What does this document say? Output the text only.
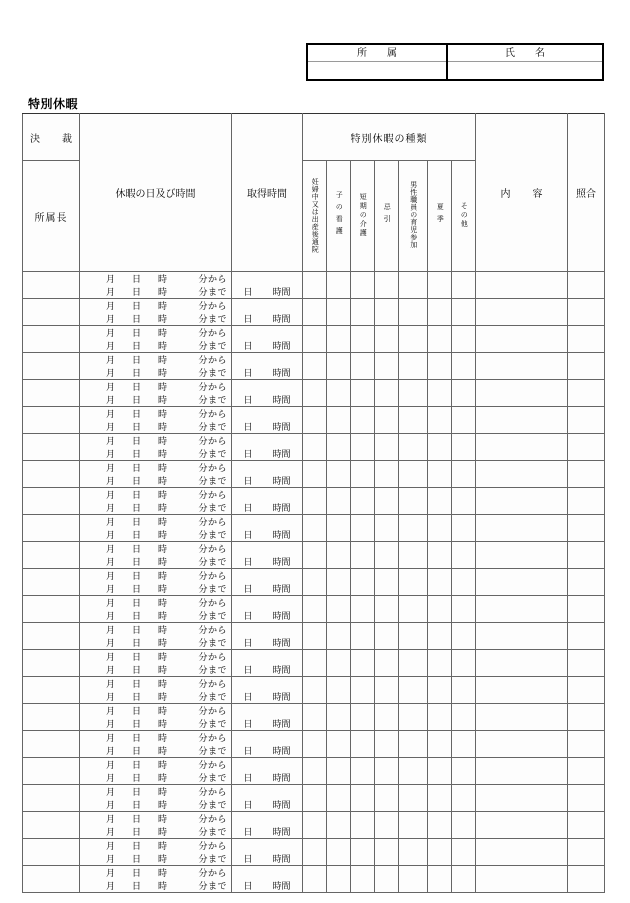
所　属	氏　名
特別休暇
決　裁	休暇の日及び時間	取得時間	特別休暇の種類							内　容	照合
所属長			妊婦中又は出産後通院	子の看護	短期の介護	忌引	男性職員の育児参加	夏季	その他		

月	日	時	分から
月	日	時	分まで	日 時間

月	日	時	分から
月	日	時	分まで	日 時間

月	日	時	分から
月	日	時	分まで	日 時間

月	日	時	分から
月	日	時	分まで	日 時間

月	日	時	分から
月	日	時	分まで	日 時間

月	日	時	分から
月	日	時	分まで	日 時間

月	日	時	分から
月	日	時	分まで	日 時間

月	日	時	分から
月	日	時	分まで	日 時間

月	日	時	分から
月	日	時	分まで	日 時間

月	日	時	分から
月	日	時	分まで	日 時間

月	日	時	分から
月	日	時	分まで	日 時間

月	日	時	分から
月	日	時	分まで	日 時間

月	日	時	分から
月	日	時	分まで	日 時間

月	日	時	分から
月	日	時	分まで	日 時間

月	日	時	分から
月	日	時	分まで	日 時間

月	日	時	分から
月	日	時	分まで	日 時間

月	日	時	分から
月	日	時	分まで	日 時間

月	日	時	分から
月	日	時	分まで	日 時間

月	日	時	分から
月	日	時	分まで	日 時間

月	日	時	分から
月	日	時	分まで	日 時間

月	日	時	分から
月	日	時	分まで	日 時間

月	日	時	分から
月	日	時	分まで	日 時間

月	日	時	分から
月	日	時	分まで	日 時間
